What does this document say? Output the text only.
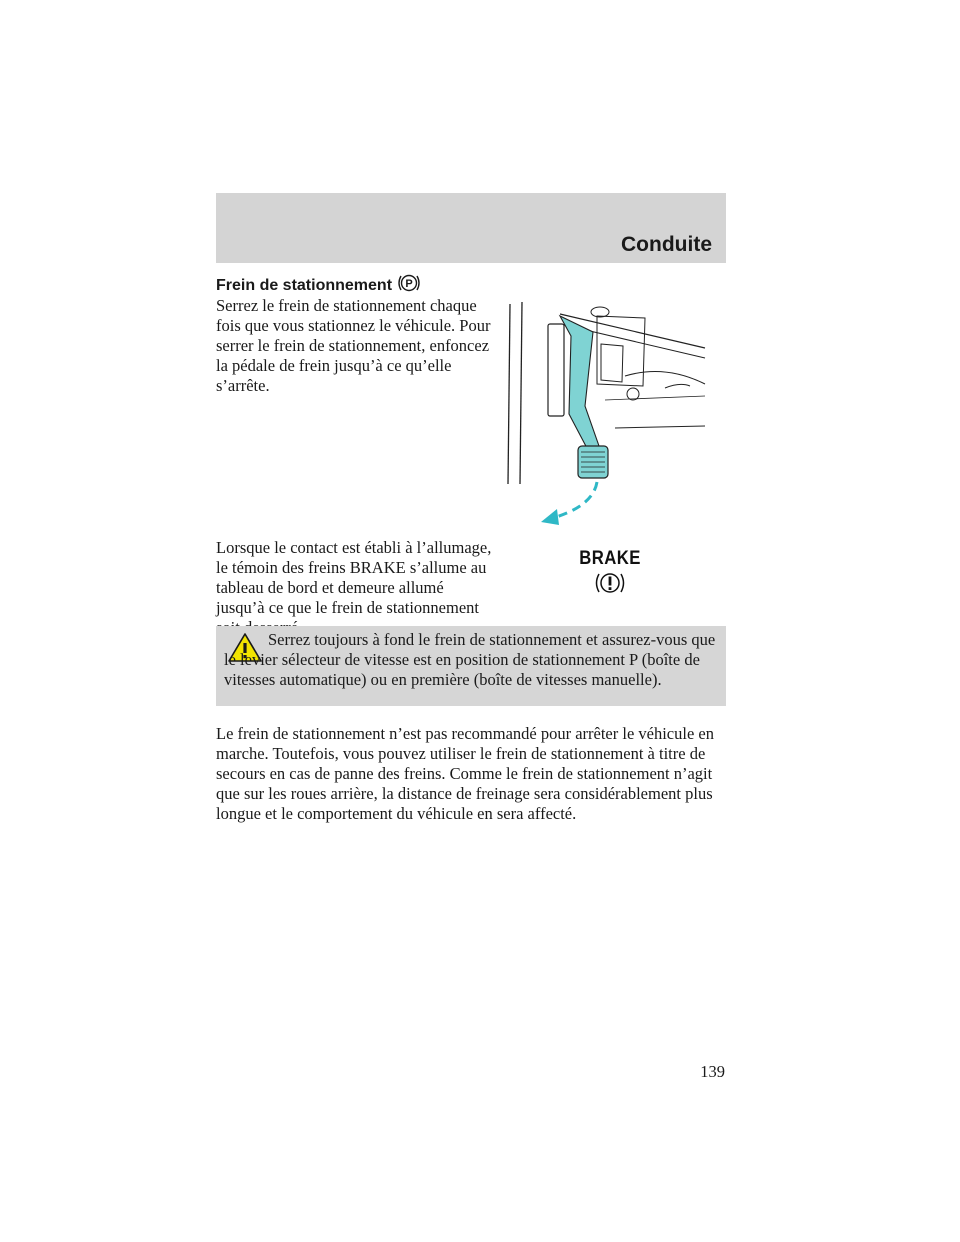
Conduite
Frein de stationnement P

Serrez le frein de stationnement chaque fois que vous stationnez le véhicule. Pour serrer le frein de stationnement, enfoncez la pédale de frein jusqu’à ce qu’elle s’arrête.

Lorsque le contact est établi à l’allumage, le témoin des freins BRAKE s’allume au tableau de bord et demeure allumé jusqu’à ce que le frein de stationnement

BRAKE

Serrez toujours à fond le frein de stationnement et assurez-vous que le levier sélecteur de vitesse est en position de stationnement P (boîte de vitesses automatique) ou en première (boîte de vitesses manuelle).

Le frein de stationnement n’est pas recommandé pour arrêter le véhicule en marche. Toutefois, vous pouvez utiliser le frein de stationnement à titre de secours en cas de panne des freins. Comme le frein de stationnement n’agit que sur les roues arrière, la distance de freinage sera considérablement plus longue et le comportement du véhicule en sera affecté.

139
